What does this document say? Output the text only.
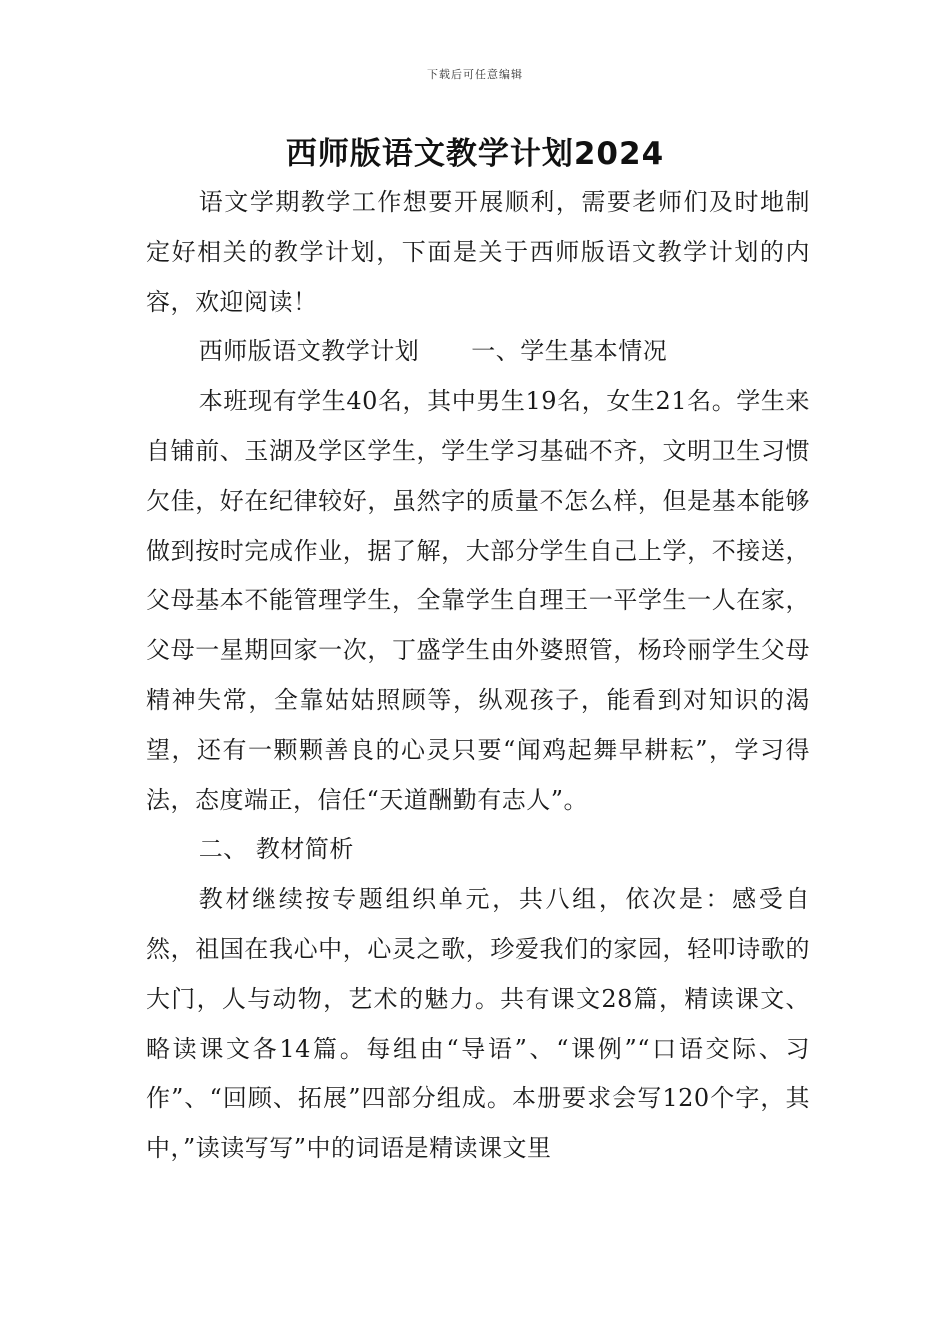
下载后可任意编辑
西师版语文教学计划2024

语文学期教学工作想要开展顺利，需要老师们及时地制定好相关的教学计划，下面是关于西师版语文教学计划的内容，欢迎阅读！

西师版语文教学计划 一、学生基本情况

本班现有学生40名，其中男生19名，女生21名。学生来自铺前、玉湖及学区学生，学生学习基础不齐，文明卫生习惯欠佳，好在纪律较好，虽然字的质量不怎么样，但是基本能够做到按时完成作业，据了解，大部分学生自己上学，不接送，父母基本不能管理学生，全靠学生自理王一平学生一人在家，父母一星期回家一次，丁盛学生由外婆照管，杨玲丽学生父母精神失常，全靠姑姑照顾等，纵观孩子，能看到对知识的渴望，还有一颗颗善良的心灵只要“闻鸡起舞早耕耘”，学习得法，态度端正，信任“天道酬勤有志人”。

二、 教材简析

教材继续按专题组织单元，共八组，依次是：感受自然，祖国在我心中，心灵之歌，珍爱我们的家园，轻叩诗歌的大门，人与动物，艺术的魅力。共有课文28篇，精读课文、略读课文各14篇。每组由“导语”、“课例”“口语交际、习作”、“回顾、拓展”四部分组成。本册要求会写120个字，其中，”读读写写”中的词语是精读课文里
